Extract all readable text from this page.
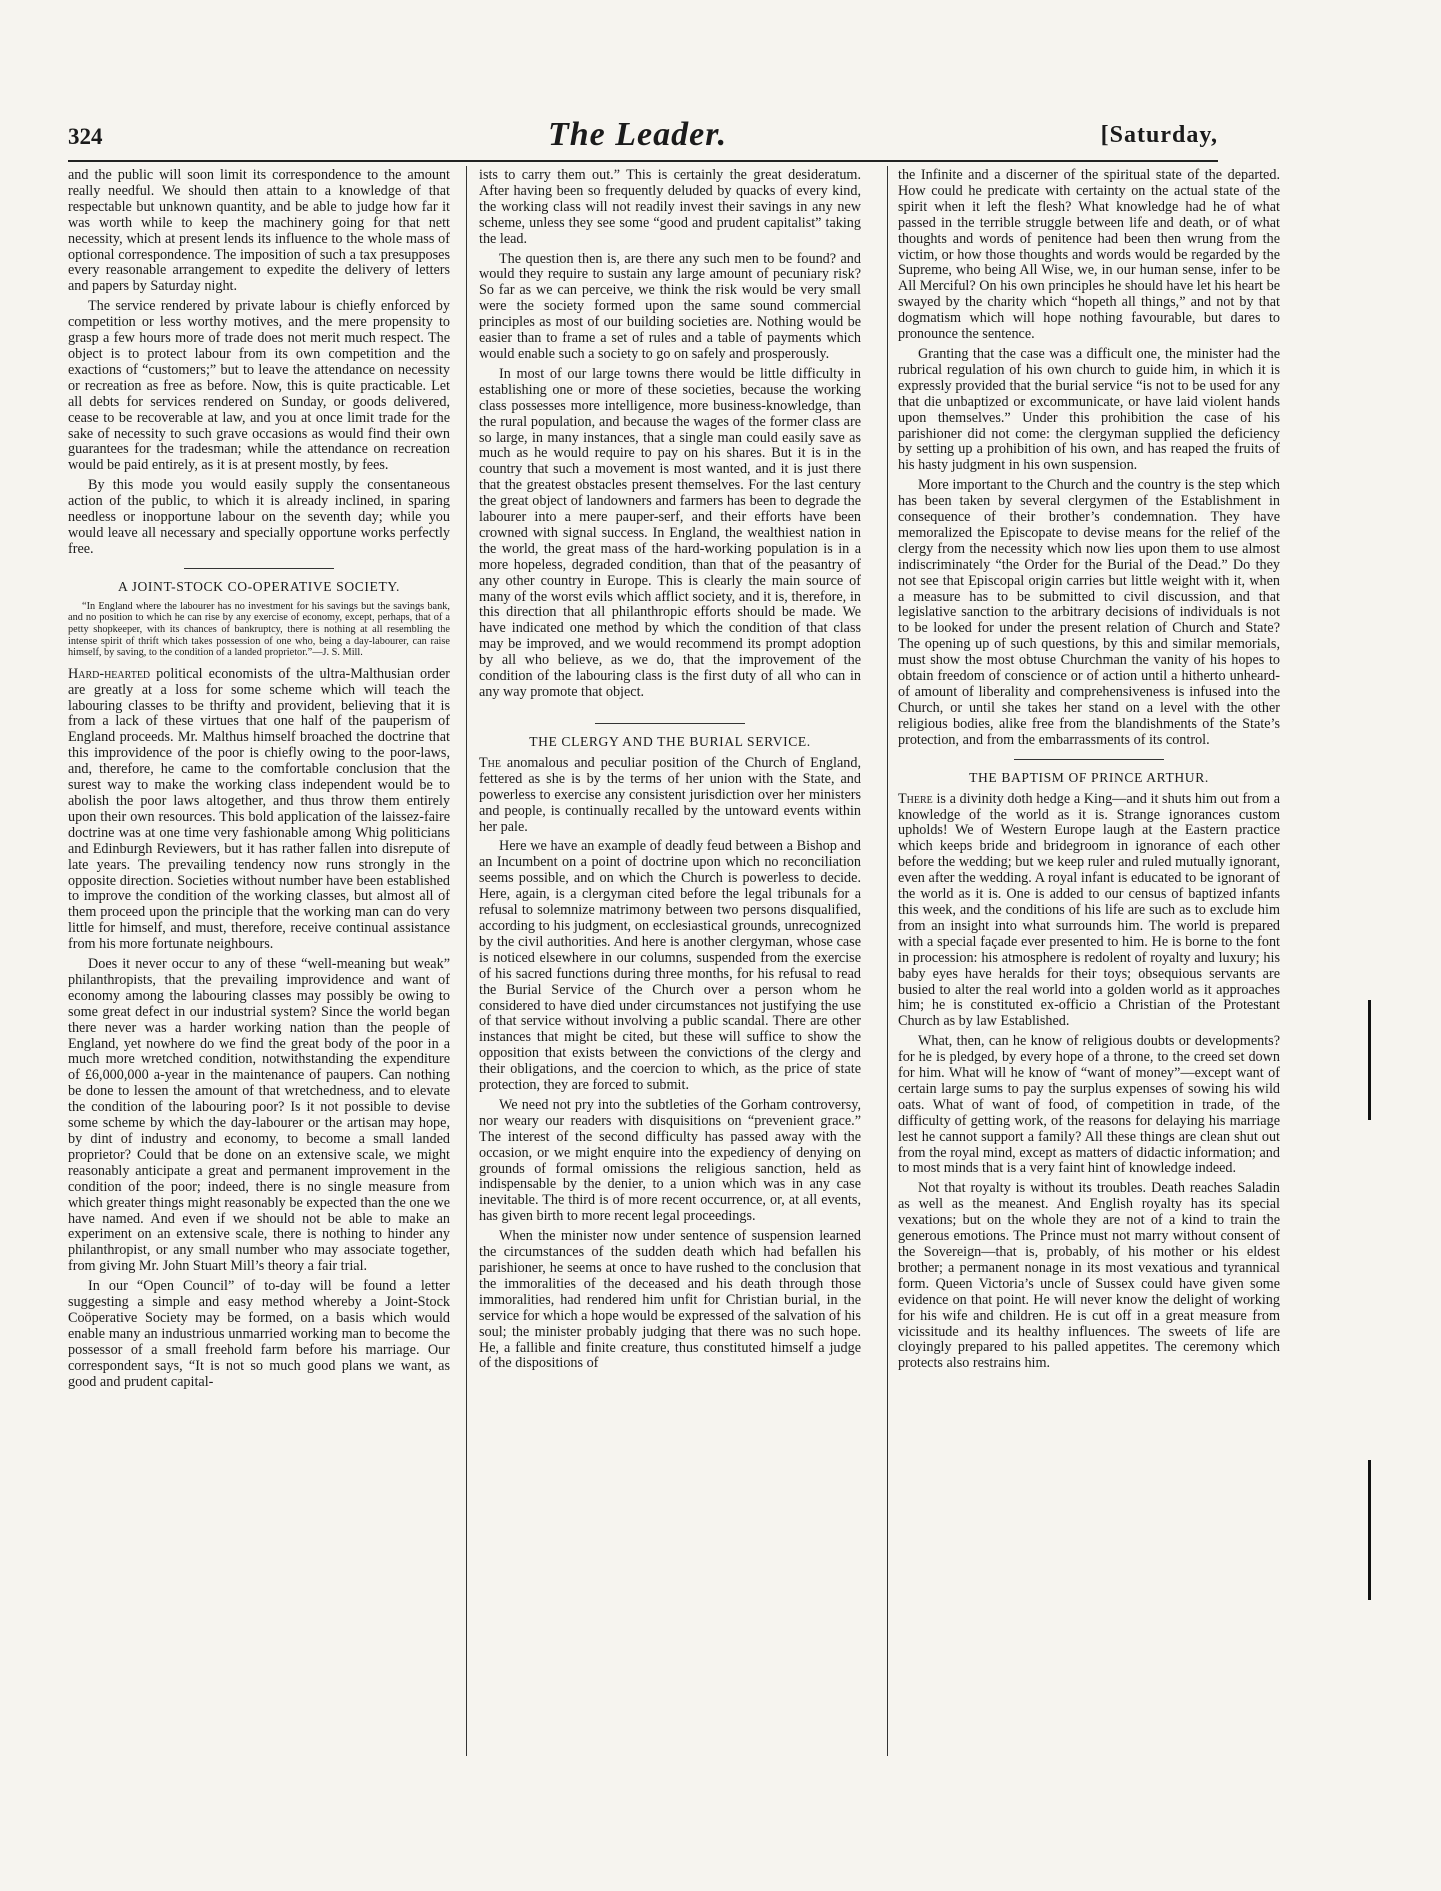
324	The Leader.	[Saturday,

and the public will soon limit its correspondence to the amount really needful. We should then attain to a knowledge of that respectable but unknown quantity, and be able to judge how far it was worth while to keep the machinery going for that nett necessity, which at present lends its influence to the whole mass of optional correspondence. The imposition of such a tax presupposes every reasonable arrangement to expedite the delivery of letters and papers by Saturday night.

The service rendered by private labour is chiefly enforced by competition or less worthy motives, and the mere propensity to grasp a few hours more of trade does not merit much respect. The object is to protect labour from its own competition and the exactions of “customers;” but to leave the attendance on necessity or recreation as free as before. Now, this is quite practicable. Let all debts for services rendered on Sunday, or goods delivered, cease to be recoverable at law, and you at once limit trade for the sake of necessity to such grave occasions as would find their own guarantees for the tradesman; while the attendance on recreation would be paid entirely, as it is at present mostly, by fees.

By this mode you would easily supply the consentaneous action of the public, to which it is already inclined, in sparing needless or inopportune labour on the seventh day; while you would leave all necessary and specially opportune works perfectly free.

A JOINT-STOCK CO-OPERATIVE SOCIETY.
“In England where the labourer has no investment for his savings but the savings bank, and no position to which he can rise by any exercise of economy, except, perhaps, that of a petty shopkeeper, with its chances of bankruptcy, there is nothing at all resembling the intense spirit of thrift which takes possession of one who, being a day-labourer, can raise himself, by saving, to the condition of a landed proprietor.”—J. S. Mill.

Hard-hearted political economists of the ultra-Malthusian order are greatly at a loss for some scheme which will teach the labouring classes to be thrifty and provident, believing that it is from a lack of these virtues that one half of the pauperism of England proceeds. Mr. Malthus himself broached the doctrine that this improvidence of the poor is chiefly owing to the poor-laws, and, therefore, he came to the comfortable conclusion that the surest way to make the working class independent would be to abolish the poor laws altogether, and thus throw them entirely upon their own resources. This bold application of the laissez-faire doctrine was at one time very fashionable among Whig politicians and Edinburgh Reviewers, but it has rather fallen into disrepute of late years. The prevailing tendency now runs strongly in the opposite direction. Societies without number have been established to improve the condition of the working classes, but almost all of them proceed upon the principle that the working man can do very little for himself, and must, therefore, receive continual assistance from his more fortunate neighbours.

Does it never occur to any of these “well-meaning but weak” philanthropists, that the prevailing improvidence and want of economy among the labouring classes may possibly be owing to some great defect in our industrial system? Since the world began there never was a harder working nation than the people of England, yet nowhere do we find the great body of the poor in a much more wretched condition, notwithstanding the expenditure of £6,000,000 a-year in the maintenance of paupers. Can nothing be done to lessen the amount of that wretchedness, and to elevate the condition of the labouring poor? Is it not possible to devise some scheme by which the day-labourer or the artisan may hope, by dint of industry and economy, to become a small landed proprietor? Could that be done on an extensive scale, we might reasonably anticipate a great and permanent improvement in the condition of the poor; indeed, there is no single measure from which greater things might reasonably be expected than the one we have named. And even if we should not be able to make an experiment on an extensive scale, there is nothing to hinder any philanthropist, or any small number who may associate together, from giving Mr. John Stuart Mill’s theory a fair trial.

In our “Open Council” of to-day will be found a letter suggesting a simple and easy method whereby a Joint-Stock Coöperative Society may be formed, on a basis which would enable many an industrious unmarried working man to become the possessor of a small freehold farm before his marriage. Our correspondent says, “It is not so much good plans we want, as good and prudent capital-

ists to carry them out.” This is certainly the great desideratum. After having been so frequently deluded by quacks of every kind, the working class will not readily invest their savings in any new scheme, unless they see some “good and prudent capitalist” taking the lead.

The question then is, are there any such men to be found? and would they require to sustain any large amount of pecuniary risk? So far as we can perceive, we think the risk would be very small were the society formed upon the same sound commercial principles as most of our building societies are. Nothing would be easier than to frame a set of rules and a table of payments which would enable such a society to go on safely and prosperously.

In most of our large towns there would be little difficulty in establishing one or more of these societies, because the working class possesses more intelligence, more business-knowledge, than the rural population, and because the wages of the former class are so large, in many instances, that a single man could easily save as much as he would require to pay on his shares. But it is in the country that such a movement is most wanted, and it is just there that the greatest obstacles present themselves. For the last century the great object of landowners and farmers has been to degrade the labourer into a mere pauper-serf, and their efforts have been crowned with signal success. In England, the wealthiest nation in the world, the great mass of the hard-working population is in a more hopeless, degraded condition, than that of the peasantry of any other country in Europe. This is clearly the main source of many of the worst evils which afflict society, and it is, therefore, in this direction that all philanthropic efforts should be made. We have indicated one method by which the condition of that class may be improved, and we would recommend its prompt adoption by all who believe, as we do, that the improvement of the condition of the labouring class is the first duty of all who can in any way promote that object.

THE CLERGY AND THE BURIAL SERVICE.

The anomalous and peculiar position of the Church of England, fettered as she is by the terms of her union with the State, and powerless to exercise any consistent jurisdiction over her ministers and people, is continually recalled by the untoward events within her pale.

Here we have an example of deadly feud between a Bishop and an Incumbent on a point of doctrine upon which no reconciliation seems possible, and on which the Church is powerless to decide. Here, again, is a clergyman cited before the legal tribunals for a refusal to solemnize matrimony between two persons disqualified, according to his judgment, on ecclesiastical grounds, unrecognized by the civil authorities. And here is another clergyman, whose case is noticed elsewhere in our columns, suspended from the exercise of his sacred functions during three months, for his refusal to read the Burial Service of the Church over a person whom he considered to have died under circumstances not justifying the use of that service without involving a public scandal. There are other instances that might be cited, but these will suffice to show the opposition that exists between the convictions of the clergy and their obligations, and the coercion to which, as the price of state protection, they are forced to submit.

We need not pry into the subtleties of the Gorham controversy, nor weary our readers with disquisitions on “prevenient grace.” The interest of the second difficulty has passed away with the occasion, or we might enquire into the expediency of denying on grounds of formal omissions the religious sanction, held as indispensable by the denier, to a union which was in any case inevitable. The third is of more recent occurrence, or, at all events, has given birth to more recent legal proceedings.

When the minister now under sentence of suspension learned the circumstances of the sudden death which had befallen his parishioner, he seems at once to have rushed to the conclusion that the immoralities of the deceased and his death through those immoralities, had rendered him unfit for Christian burial, in the service for which a hope would be expressed of the salvation of his soul; the minister probably judging that there was no such hope. He, a fallible and finite creature, thus constituted himself a judge of the dispositions of

the Infinite and a discerner of the spiritual state of the departed. How could he predicate with certainty on the actual state of the spirit when it left the flesh? What knowledge had he of what passed in the terrible struggle between life and death, or of what thoughts and words of penitence had been then wrung from the victim, or how those thoughts and words would be regarded by the Supreme, who being All Wise, we, in our human sense, infer to be All Merciful? On his own principles he should have let his heart be swayed by the charity which “hopeth all things,” and not by that dogmatism which will hope nothing favourable, but dares to pronounce the sentence.

Granting that the case was a difficult one, the minister had the rubrical regulation of his own church to guide him, in which it is expressly provided that the burial service “is not to be used for any that die unbaptized or excommunicate, or have laid violent hands upon themselves.” Under this prohibition the case of his parishioner did not come: the clergyman supplied the deficiency by setting up a prohibition of his own, and has reaped the fruits of his hasty judgment in his own suspension.

More important to the Church and the country is the step which has been taken by several clergymen of the Establishment in consequence of their brother’s condemnation. They have memoralized the Episcopate to devise means for the relief of the clergy from the necessity which now lies upon them to use almost indiscriminately “the Order for the Burial of the Dead.” Do they not see that Episcopal origin carries but little weight with it, when a measure has to be submitted to civil discussion, and that legislative sanction to the arbitrary decisions of individuals is not to be looked for under the present relation of Church and State? The opening up of such questions, by this and similar memorials, must show the most obtuse Churchman the vanity of his hopes to obtain freedom of conscience or of action until a hitherto unheard-of amount of liberality and comprehensiveness is infused into the Church, or until she takes her stand on a level with the other religious bodies, alike free from the blandishments of the State’s protection, and from the embarrassments of its control.

THE BAPTISM OF PRINCE ARTHUR.

There is a divinity doth hedge a King—and it shuts him out from a knowledge of the world as it is. Strange ignorances custom upholds! We of Western Europe laugh at the Eastern practice which keeps bride and bridegroom in ignorance of each other before the wedding; but we keep ruler and ruled mutually ignorant, even after the wedding. A royal infant is educated to be ignorant of the world as it is. One is added to our census of baptized infants this week, and the conditions of his life are such as to exclude him from an insight into what surrounds him. The world is prepared with a special façade ever presented to him. He is borne to the font in procession: his atmosphere is redolent of royalty and luxury; his baby eyes have heralds for their toys; obsequious servants are busied to alter the real world into a golden world as it approaches him; he is constituted ex-officio a Christian of the Protestant Church as by law Established.

What, then, can he know of religious doubts or developments? for he is pledged, by every hope of a throne, to the creed set down for him. What will he know of “want of money”—except want of certain large sums to pay the surplus expenses of sowing his wild oats. What of want of food, of competition in trade, of the difficulty of getting work, of the reasons for delaying his marriage lest he cannot support a family? All these things are clean shut out from the royal mind, except as matters of didactic information; and to most minds that is a very faint hint of knowledge indeed.

Not that royalty is without its troubles. Death reaches Saladin as well as the meanest. And English royalty has its special vexations; but on the whole they are not of a kind to train the generous emotions. The Prince must not marry without consent of the Sovereign—that is, probably, of his mother or his eldest brother; a permanent nonage in its most vexatious and tyrannical form. Queen Victoria’s uncle of Sussex could have given some evidence on that point. He will never know the delight of working for his wife and children. He is cut off in a great measure from vicissitude and its healthy influences. The sweets of life are cloyingly prepared to his palled appetites. The ceremony which protects also restrains him.
